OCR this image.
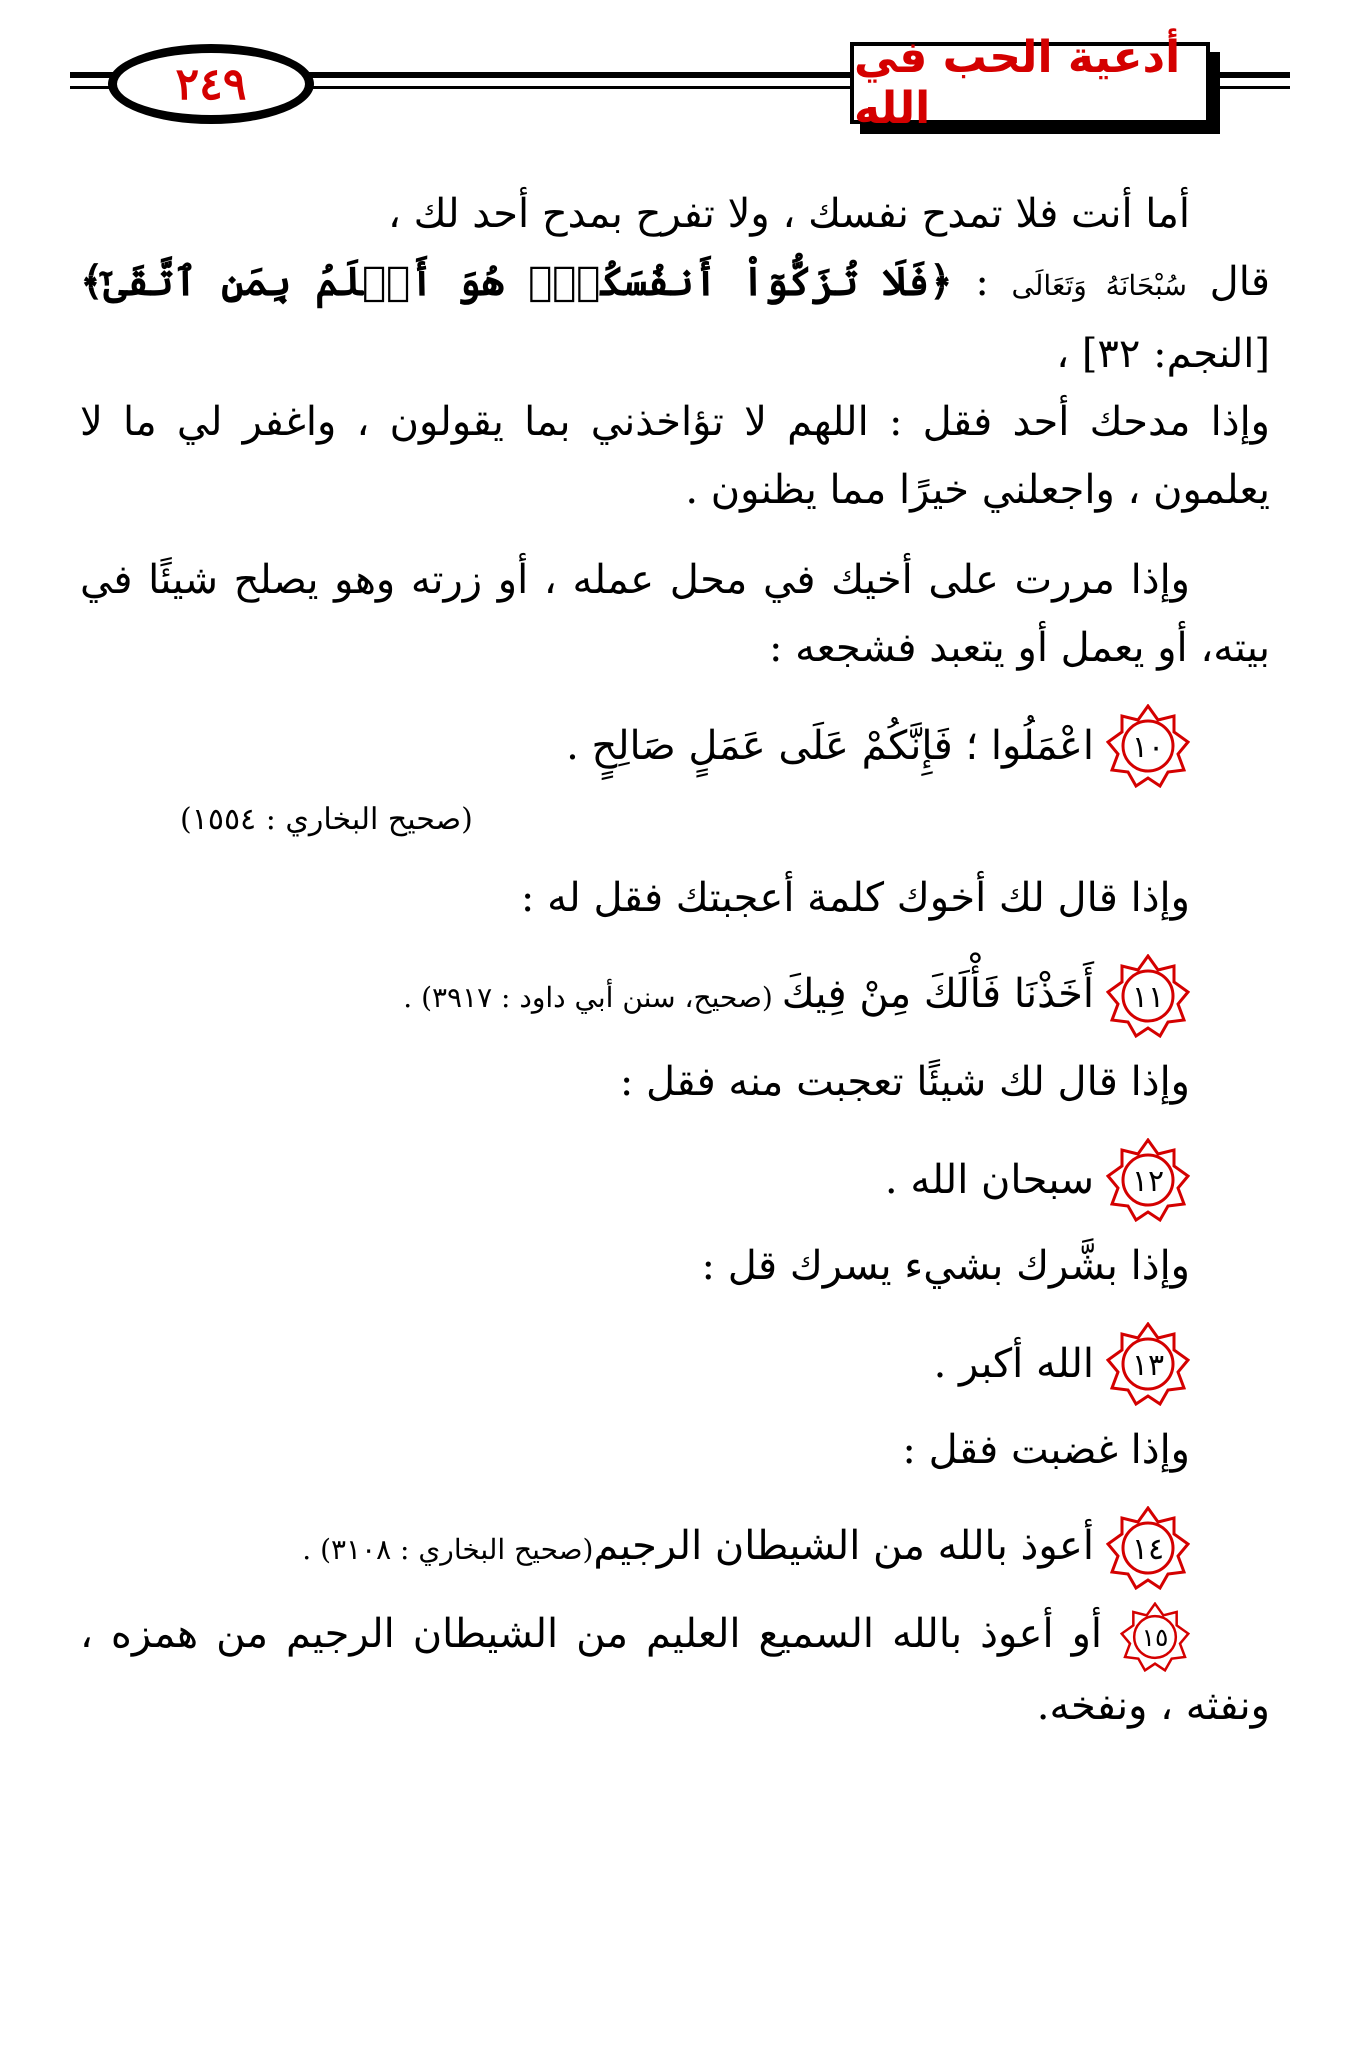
٢٤٩
أدعية الحب في الله

أما أنت فلا تمدح نفسك ، ولا تفرح بمدح أحد لك ،

قال سُبْحَانَهُ وَتَعَالَى : ﴿فَلَا تُزَكُّوٓاْ أَنفُسَكُمْۖ هُوَ أَعۡلَمُ بِمَنِ ٱتَّقَىٰٓ﴾ [النجم: ٣٢] ،

وإذا مدحك أحد فقل : اللهم لا تؤاخذني بما يقولون ، واغفر لي ما لا يعلمون ، واجعلني خيرًا مما يظنون .

وإذا مررت على أخيك في محل عمله ، أو زرته وهو يصلح شيئًا في بيته، أو يعمل أو يتعبد فشجعه :

١٠
اعْمَلُوا ؛ فَإِنَّكُمْ عَلَى عَمَلٍ صَالِحٍ .

(صحيح البخاري : ١٥٥٤)

وإذا قال لك أخوك كلمة أعجبتك فقل له :

١١
أَخَذْنَا فَأْلَكَ مِنْ فِيكَ (صحيح، سنن أبي داود : ٣٩١٧) .

وإذا قال لك شيئًا تعجبت منه فقل :

١٢
سبحان الله .

وإذا بشَّرك بشيء يسرك قل :

١٣
الله أكبر .

وإذا غضبت فقل :

١٤
أعوذ بالله من الشيطان الرجيم(صحيح البخاري : ٣١٠٨) .

١٥
أو أعوذ بالله السميع العليم من الشيطان الرجيم من همزه ، ونفثه ، ونفخه.
